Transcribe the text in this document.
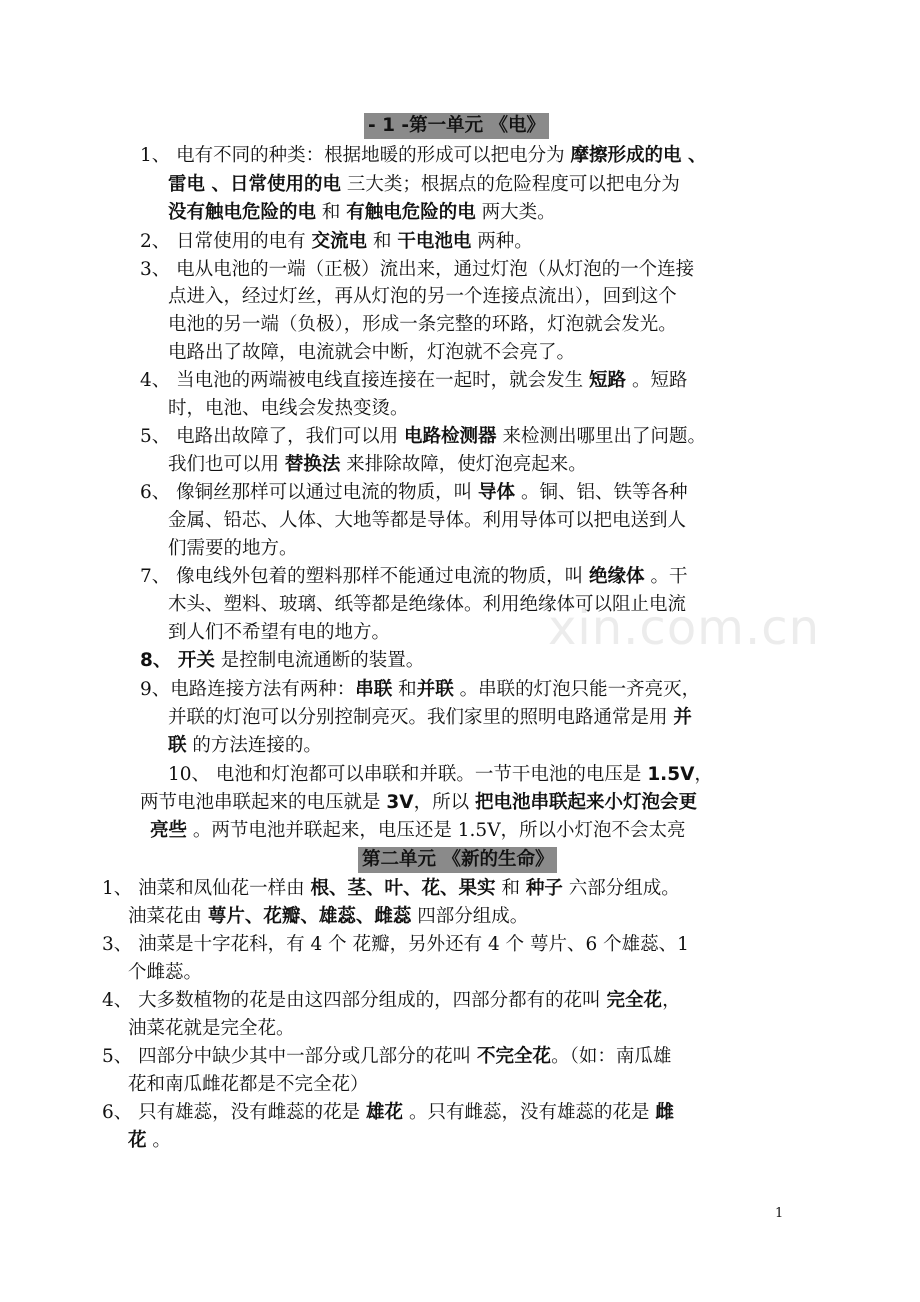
xin.com.cn
- 1 -第一单元 《电》
1、 电有不同的种类：根据地暖的形成可以把电分为 摩擦形成的电 、
雷电 、日常使用的电 三大类；根据点的危险程度可以把电分为
没有触电危险的电 和 有触电危险的电 两大类。
2、 日常使用的电有 交流电 和 干电池电 两种。
3、 电从电池的一端（正极）流出来，通过灯泡（从灯泡的一个连接
点进入，经过灯丝，再从灯泡的另一个连接点流出），回到这个
电池的另一端（负极），形成一条完整的环路，灯泡就会发光。
电路出了故障，电流就会中断，灯泡就不会亮了。
4、 当电池的两端被电线直接连接在一起时，就会发生 短路 。短路
时，电池、电线会发热变烫。
5、 电路出故障了，我们可以用 电路检测器 来检测出哪里出了问题。
我们也可以用 替换法 来排除故障，使灯泡亮起来。
6、 像铜丝那样可以通过电流的物质，叫 导体 。铜、铝、铁等各种
金属、铅芯、人体、大地等都是导体。利用导体可以把电送到人
们需要的地方。
7、 像电线外包着的塑料那样不能通过电流的物质，叫 绝缘体 。干
木头、塑料、玻璃、纸等都是绝缘体。利用绝缘体可以阻止电流
到人们不希望有电的地方。
8、 开关 是控制电流通断的装置。
9、电路连接方法有两种：串联 和并联 。串联的灯泡只能一齐亮灭，
并联的灯泡可以分别控制亮灭。我们家里的照明电路通常是用 并
联 的方法连接的。
10、 电池和灯泡都可以串联和并联。一节干电池的电压是 1.5V，
两节电池串联起来的电压就是 3V，所以 把电池串联起来小灯泡会更
亮些 。两节电池并联起来，电压还是 1.5V，所以小灯泡不会太亮
第二单元 《新的生命》
1、 油菜和凤仙花一样由 根、茎、叶、花、果实 和 种子 六部分组成。
油菜花由 萼片、花瓣、雄蕊、雌蕊 四部分组成。
3、 油菜是十字花科，有 4 个 花瓣，另外还有 4 个 萼片、6 个雄蕊、1
个雌蕊。
4、 大多数植物的花是由这四部分组成的，四部分都有的花叫 完全花，
油菜花就是完全花。
5、 四部分中缺少其中一部分或几部分的花叫 不完全花。（如：南瓜雄
花和南瓜雌花都是不完全花）
6、 只有雄蕊，没有雌蕊的花是 雄花 。只有雌蕊，没有雄蕊的花是 雌
花 。
1
